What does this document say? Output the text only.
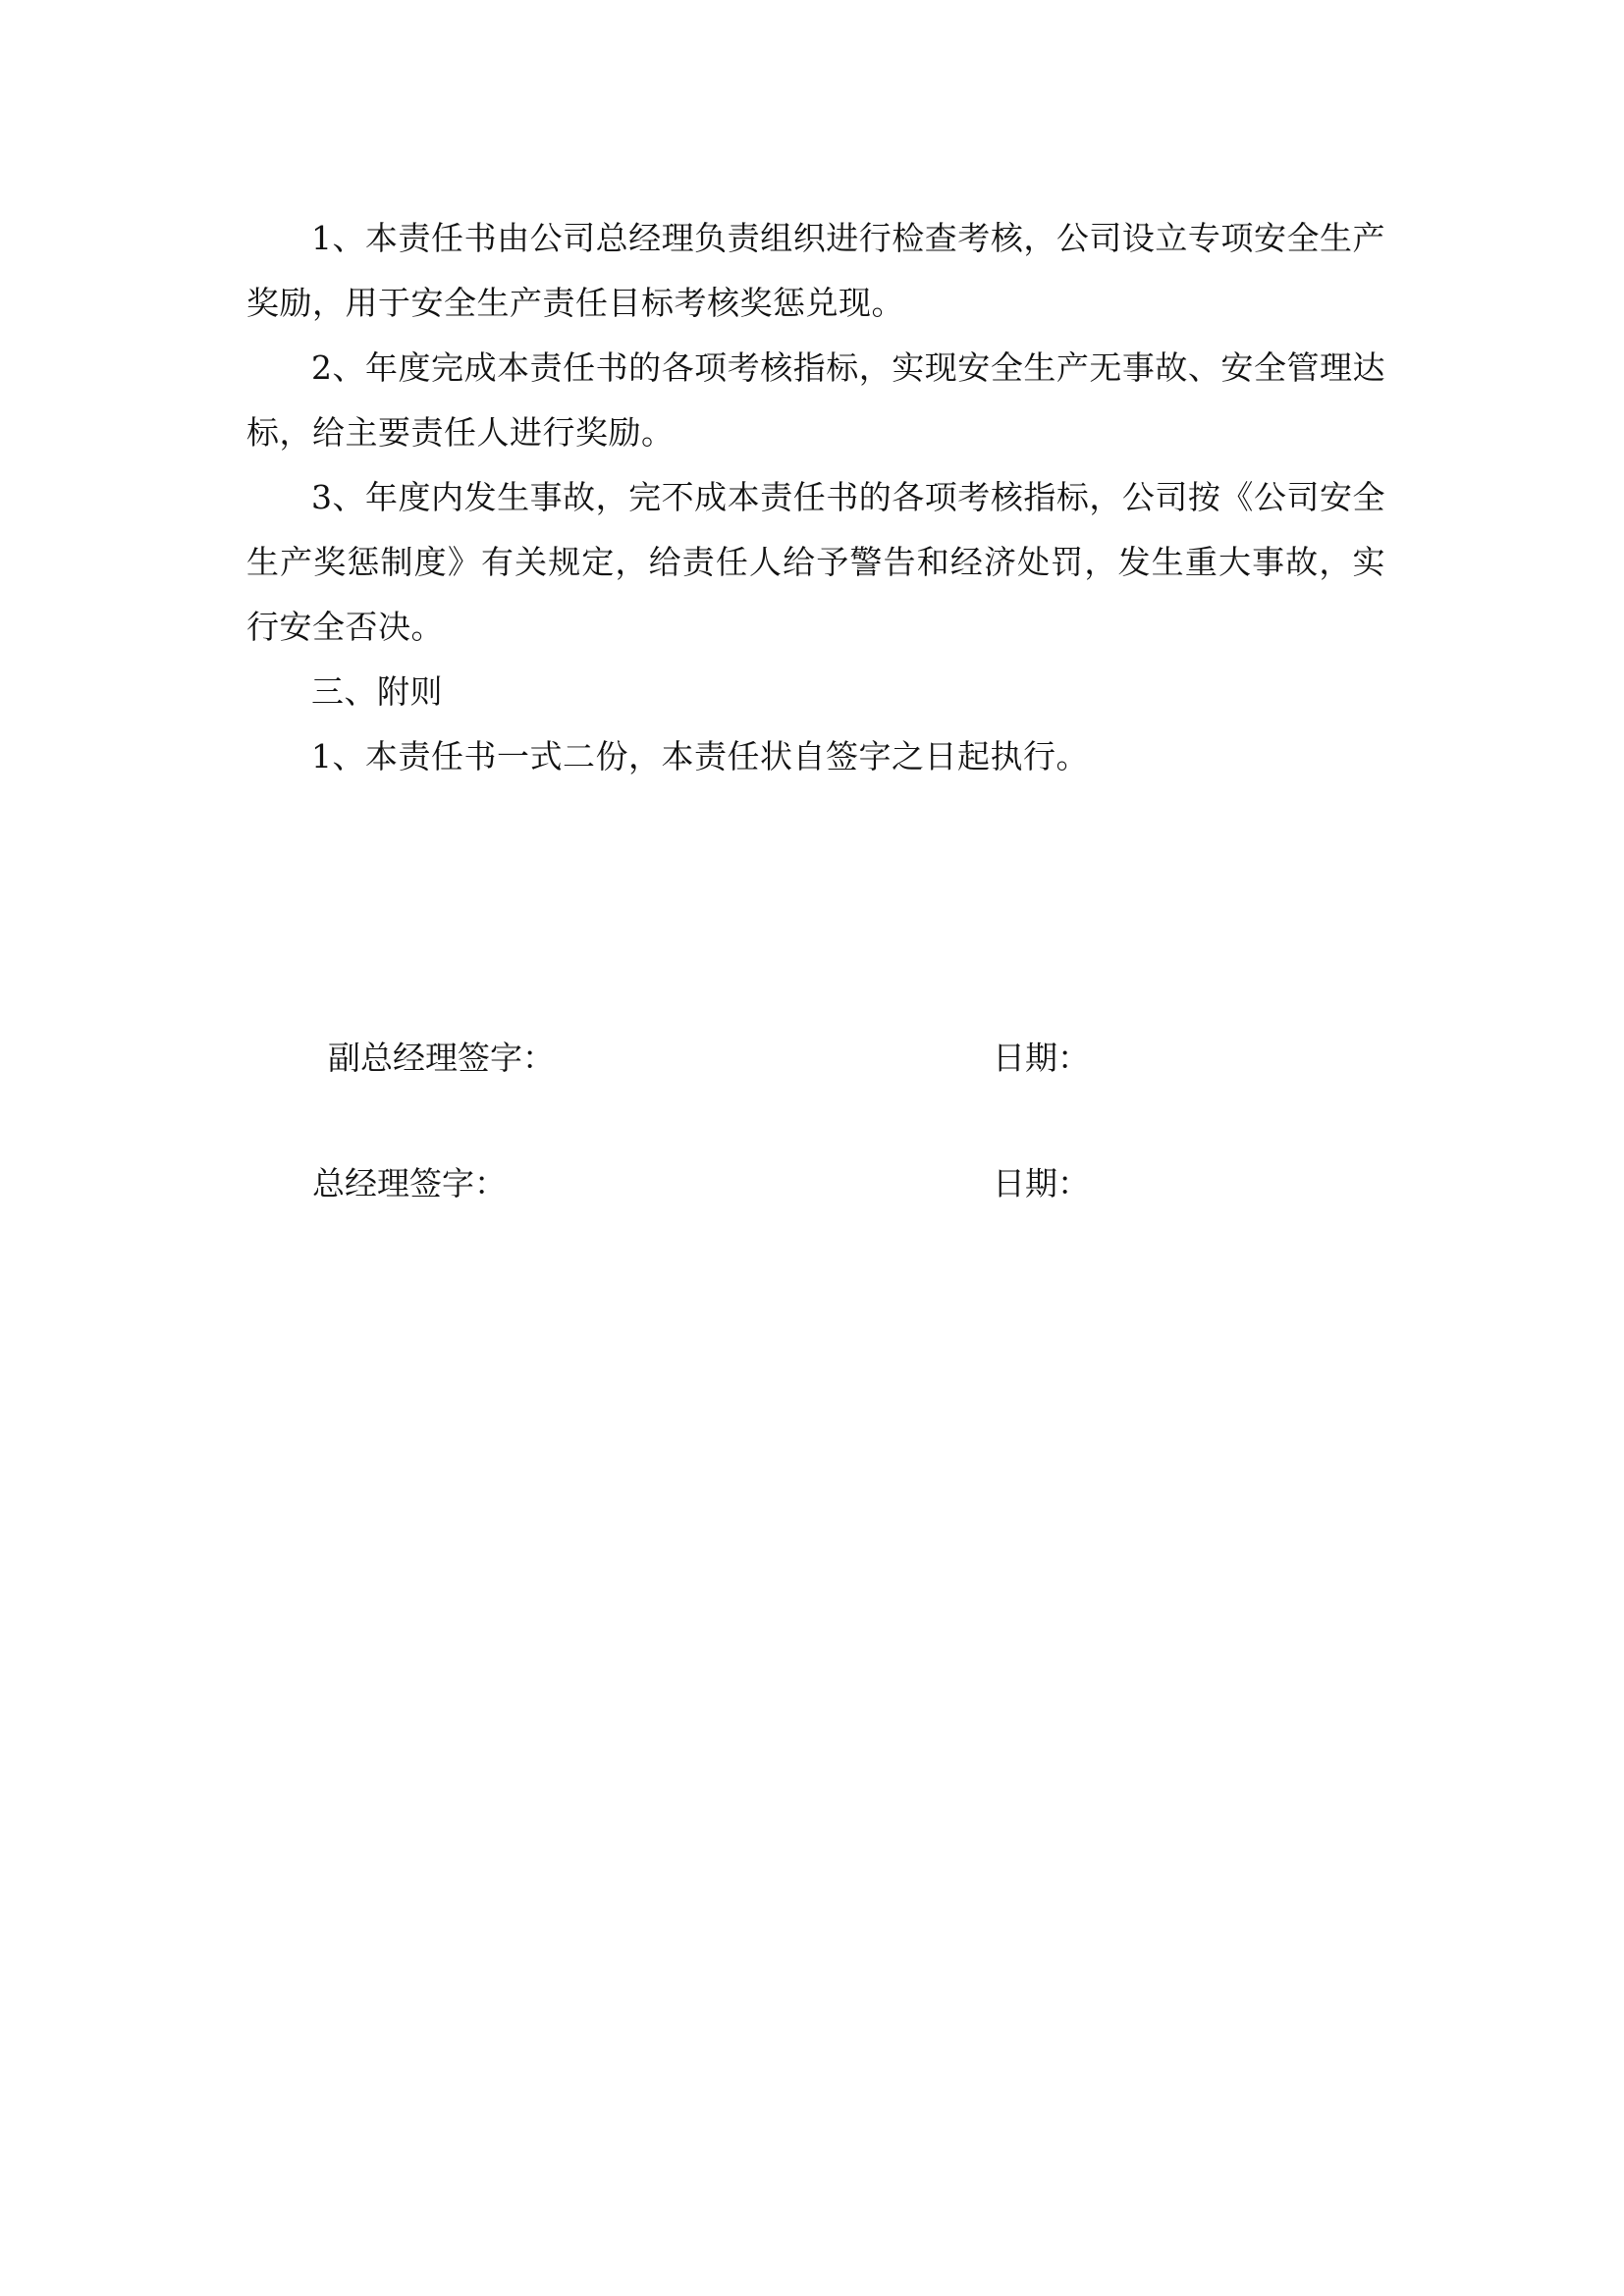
1、本责任书由公司总经理负责组织进行检查考核，公司设立专项安全生产奖励，用于安全生产责任目标考核奖惩兑现。

2、年度完成本责任书的各项考核指标，实现安全生产无事故、安全管理达标，给主要责任人进行奖励。

3、年度内发生事故，完不成本责任书的各项考核指标，公司按《公司安全生产奖惩制度》有关规定，给责任人给予警告和经济处罚，发生重大事故，实行安全否决。

三、附则

1、本责任书一式二份，本责任状自签字之日起执行。

副总经理签字：	日期：
总经理签字：	日期：
